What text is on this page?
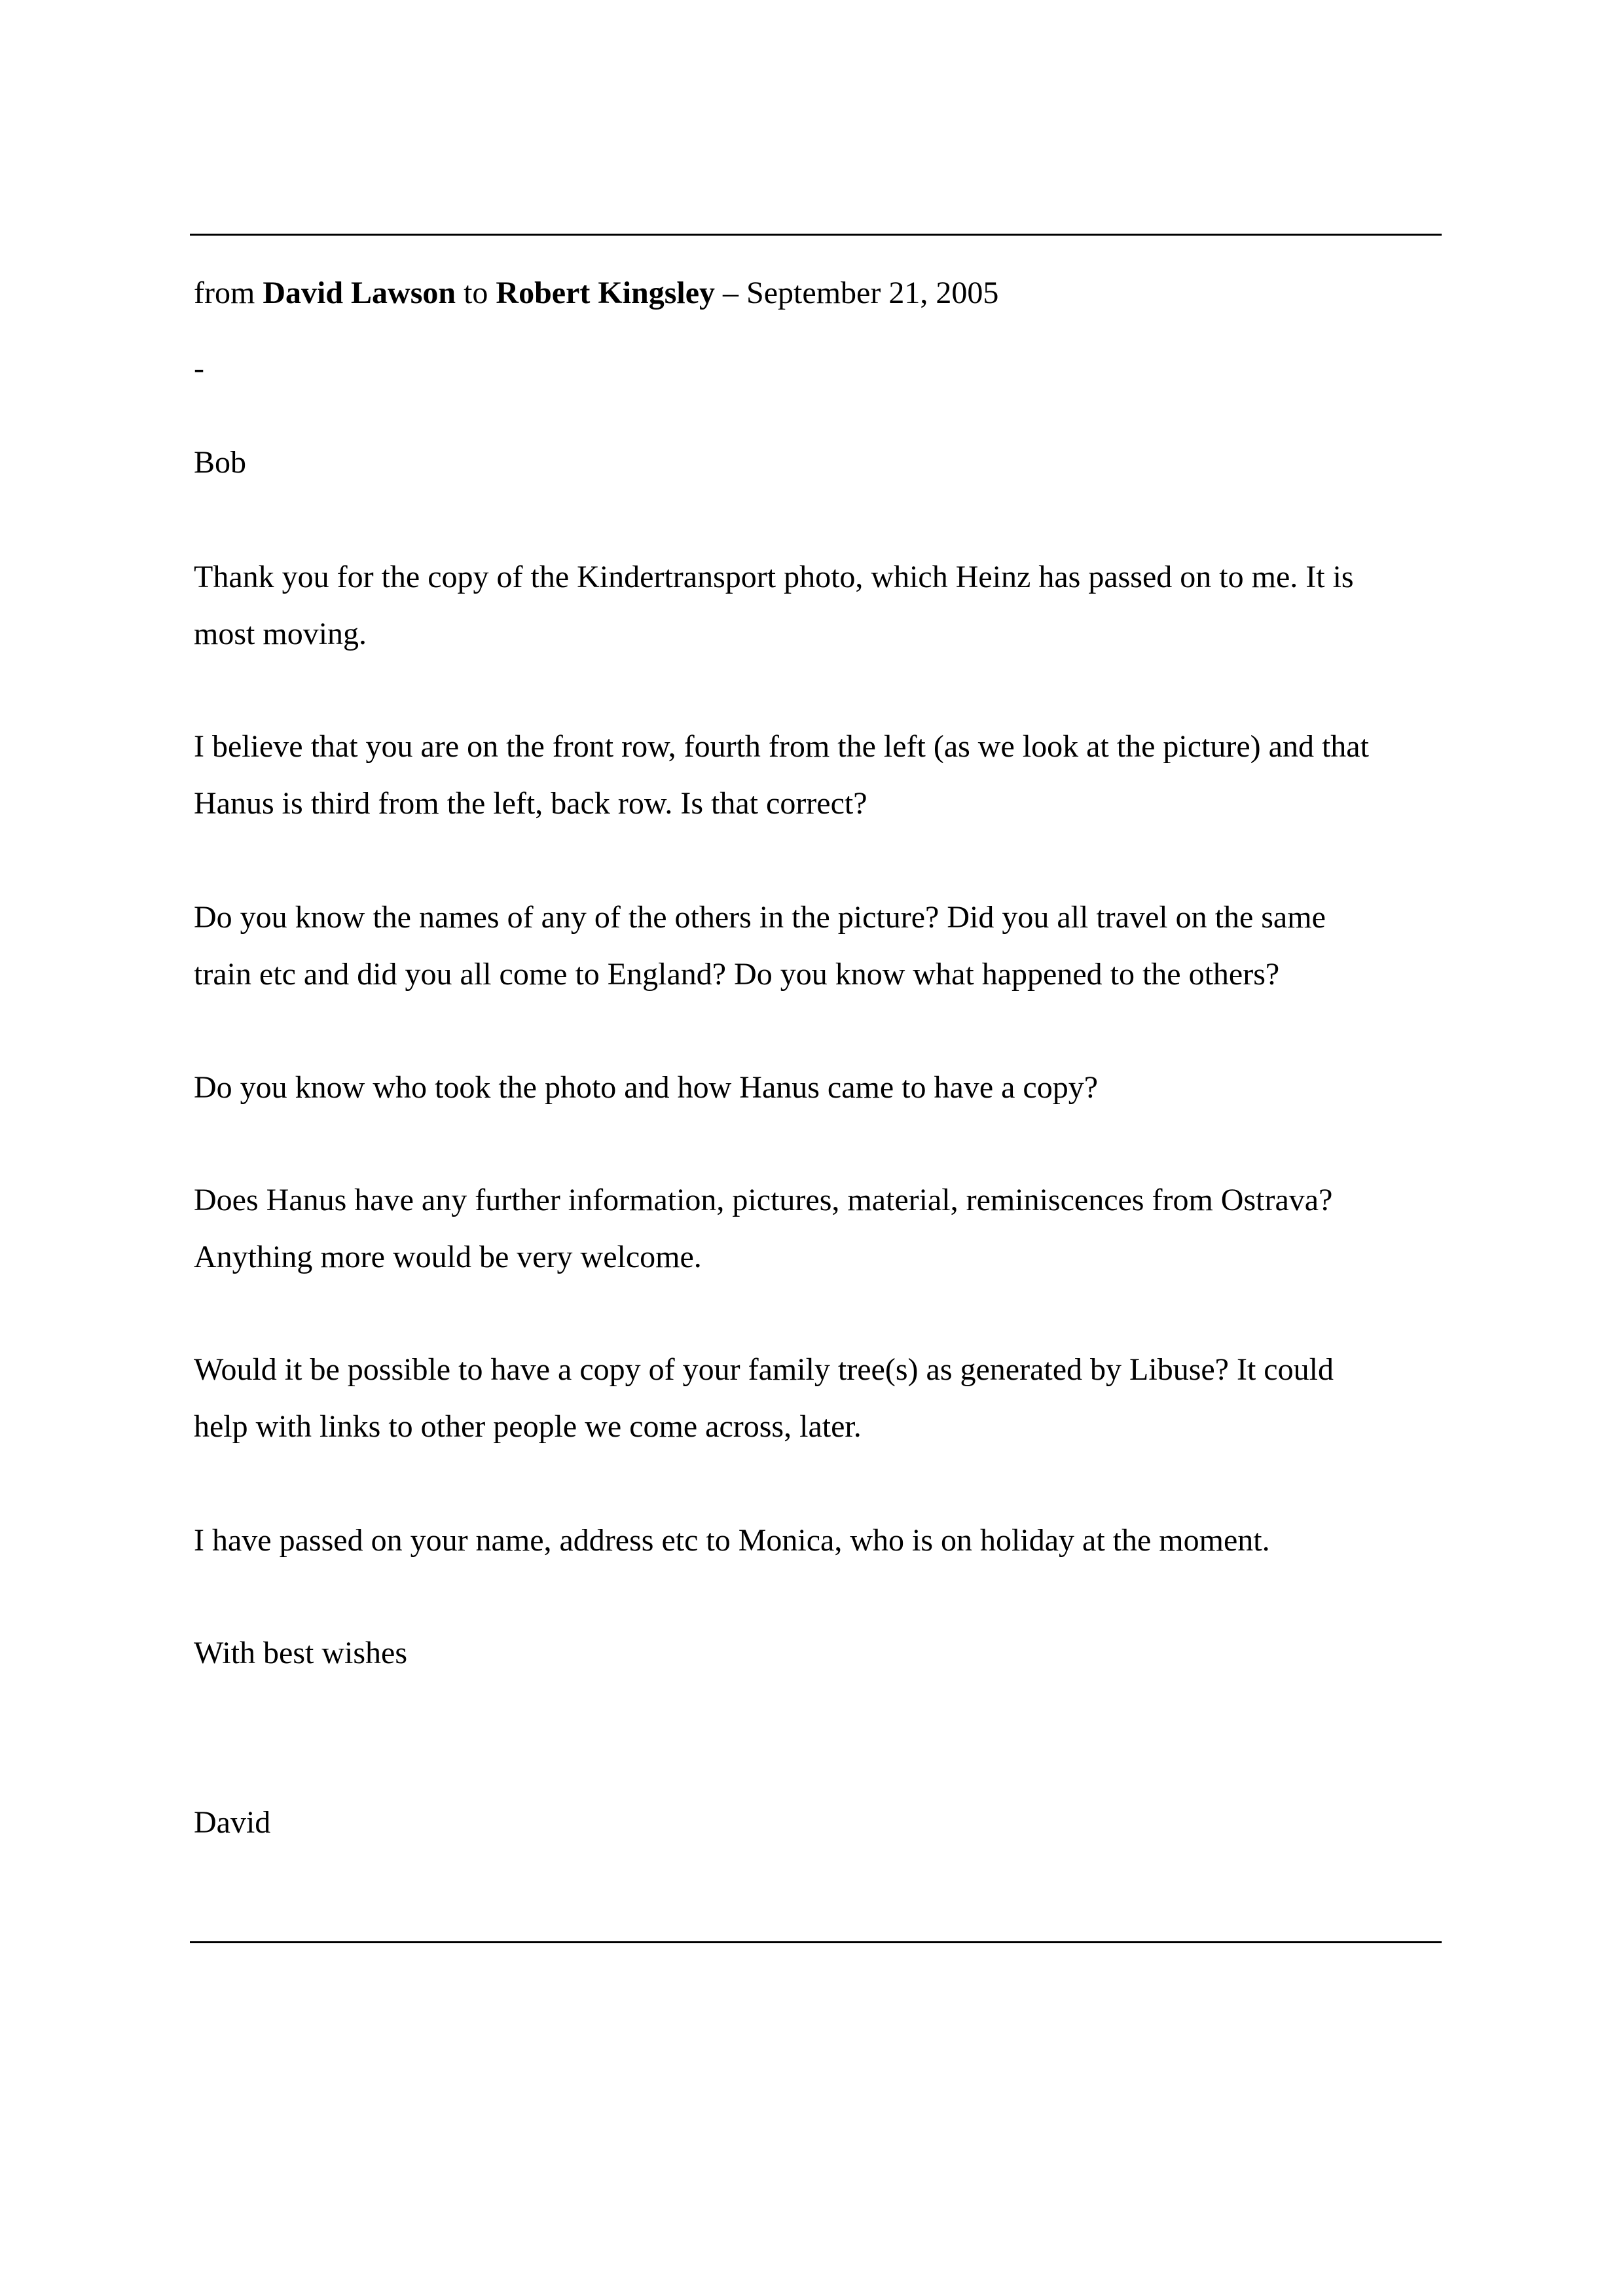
from David Lawson to Robert Kingsley – September 21, 2005

-

Bob

Thank you for the copy of the Kindertransport photo, which Heinz has passed on to me. It is

most moving.

I believe that you are on the front row, fourth from the left (as we look at the picture) and that

Hanus is third from the left, back row. Is that correct?

Do you know the names of any of the others in the picture? Did you all travel on the same

train etc and did you all come to England? Do you know what happened to the others?

Do you know who took the photo and how Hanus came to have a copy?

Does Hanus have any further information, pictures, material, reminiscences from Ostrava?

Anything more would be very welcome.

Would it be possible to have a copy of your family tree(s) as generated by Libuse? It could

help with links to other people we come across, later.

I have passed on your name, address etc to Monica, who is on holiday at the moment.

With best wishes

David
